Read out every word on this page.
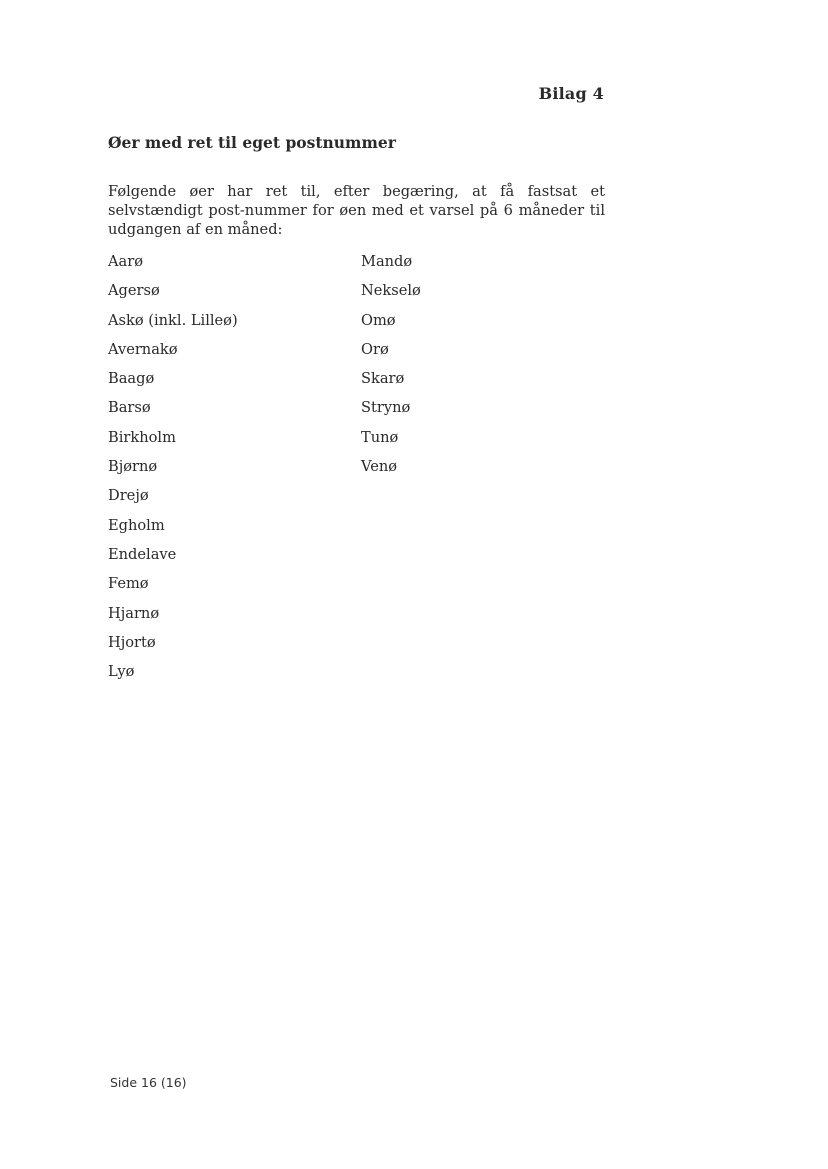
Bilag 4
Øer med ret til eget postnummer

Følgende øer har ret til, efter begæring, at få fastsat et selvstændigt post-nummer for øen med et varsel på 6 måneder til udgangen af en måned:

Aarø
Agersø
Askø (inkl. Lilleø)
Avernakø
Baagø
Barsø
Birkholm
Bjørnø
Drejø
Egholm
Endelave
Femø
Hjarnø
Hjortø
Lyø
Mandø
Nekselø
Omø
Orø
Skarø
Strynø
Tunø
Venø
Side 16 (16)
